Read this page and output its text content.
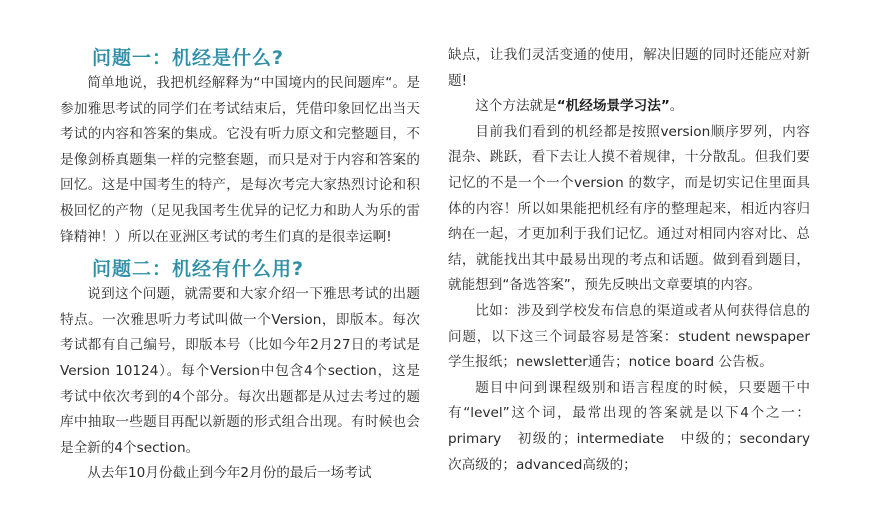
问题一：机经是什么?

简单地说，我把机经解释为“中国境内的民间题库“。是参加雅思考试的同学们在考试结束后，凭借印象回忆出当天考试的内容和答案的集成。它没有听力原文和完整题目，不是像剑桥真题集一样的完整套题，而只是对于内容和答案的回忆。这是中国考生的特产，是每次考完大家热烈讨论和积极回忆的产物（足见我国考生优异的记忆力和助人为乐的雷锋精神！）所以在亚洲区考试的考生们真的是很幸运啊!

问题二：机经有什么用?

说到这个问题，就需要和大家介绍一下雅思考试的出题特点。一次雅思听力考试叫做一个Version，即版本。每次考试都有自己编号，即版本号（比如今年2月27日的考试是Version 10124）。每个Version中包含4个section，这是考试中依次考到的4个部分。每次出题都是从过去考过的题库中抽取一些题目再配以新题的形式组合出现。有时候也会是全新的4个section。

从去年10月份截止到今年2月份的最后一场考试

缺点，让我们灵活变通的使用，解决旧题的同时还能应对新题!

这个方法就是“机经场景学习法”。

目前我们看到的机经都是按照version顺序罗列，内容混杂、跳跃，看下去让人摸不着规律，十分散乱。但我们要记忆的不是一个一个version 的数字，而是切实记住里面具体的内容！所以如果能把机经有序的整理起来，相近内容归纳在一起，才更加利于我们记忆。通过对相同内容对比、总结，就能找出其中最易出现的考点和话题。做到看到题目，就能想到“备选答案”，预先反映出文章要填的内容。

比如：涉及到学校发布信息的渠道或者从何获得信息的问题，以下这三个词最容易是答案：student newspaper学生报纸；newsletter通告；notice board 公告板。

题目中问到课程级别和语言程度的时候，只要题干中有“level”这个词，最常出现的答案就是以下4个之一：primary　初级的；intermediate　中级的；secondary　次高级的；advanced高级的；
